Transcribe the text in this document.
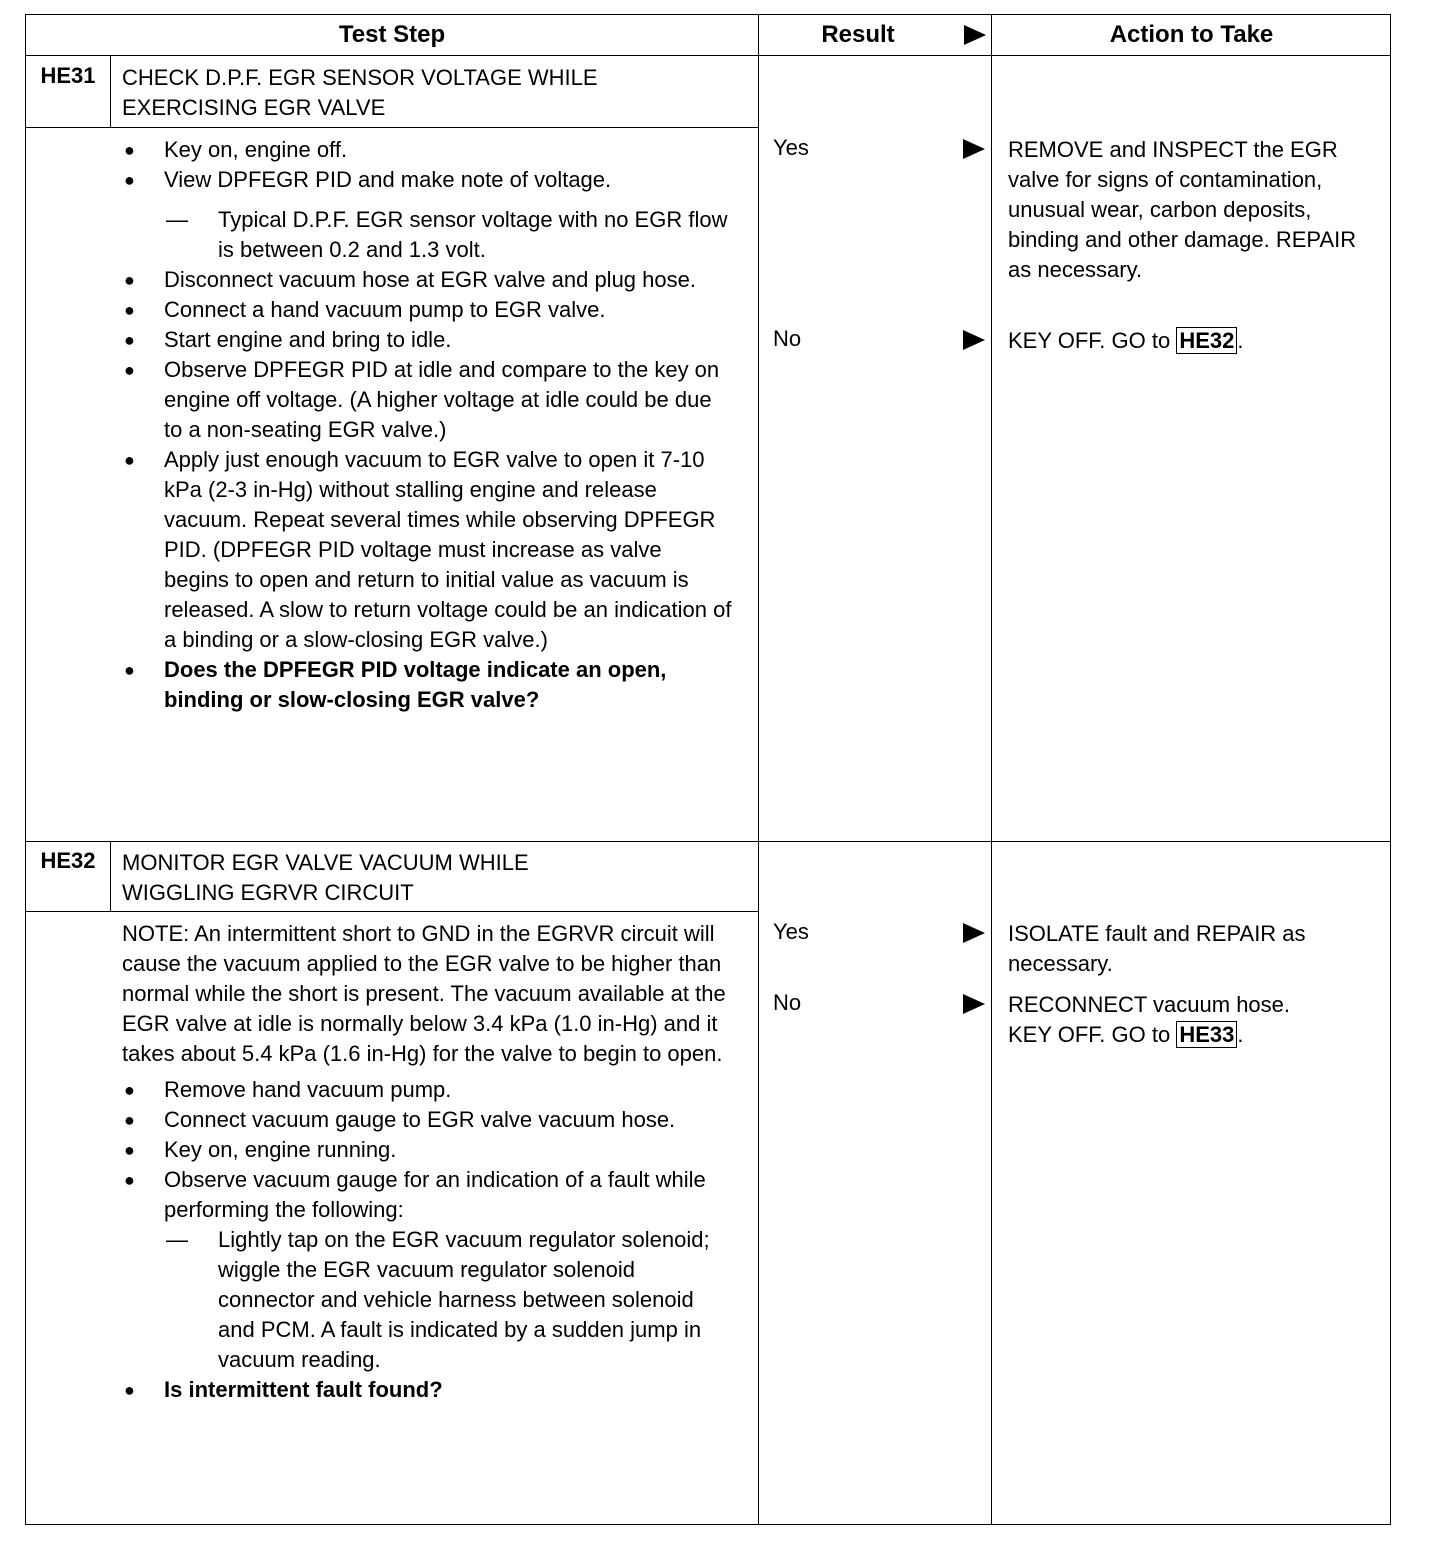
Test Step	Result	Action to Take
HE31	CHECK D.P.F. EGR SENSOR VOLTAGE WHILE
EXERCISING EGR VALVE
● Key on, engine off.
● View DPFEGR PID and make note of voltage.
— Typical D.P.F. EGR sensor voltage with no EGR flow is between 0.2 and 1.3 volt.
● Disconnect vacuum hose at EGR valve and plug hose.
● Connect a hand vacuum pump to EGR valve.
● Start engine and bring to idle.
● Observe DPFEGR PID at idle and compare to the key on engine off voltage. (A higher voltage at idle could be due to a non-seating EGR valve.)
● Apply just enough vacuum to EGR valve to open it 7-10 kPa (2-3 in-Hg) without stalling engine and release vacuum. Repeat several times while observing DPFEGR PID. (DPFEGR PID voltage must increase as valve begins to open and return to initial value as vacuum is released. A slow to return voltage could be an indication of a binding or a slow-closing EGR valve.)
● Does the DPFEGR PID voltage indicate an open, binding or slow-closing EGR valve?
Yes	REMOVE and INSPECT the EGR valve for signs of contamination, unusual wear, carbon deposits, binding and other damage. REPAIR as necessary.
No	KEY OFF. GO to HE32 .
HE32	MONITOR EGR VALVE VACUUM WHILE
WIGGLING EGRVR CIRCUIT
NOTE: An intermittent short to GND in the EGRVR circuit will cause the vacuum applied to the EGR valve to be higher than normal while the short is present. The vacuum available at the EGR valve at idle is normally below 3.4 kPa (1.0 in-Hg) and it takes about 5.4 kPa (1.6 in-Hg) for the valve to begin to open.
● Remove hand vacuum pump.
● Connect vacuum gauge to EGR valve vacuum hose.
● Key on, engine running.
● Observe vacuum gauge for an indication of a fault while performing the following:
— Lightly tap on the EGR vacuum regulator solenoid; wiggle the EGR vacuum regulator solenoid connector and vehicle harness between solenoid and PCM. A fault is indicated by a sudden jump in vacuum reading.
● Is intermittent fault found?
Yes	ISOLATE fault and REPAIR as necessary.
No	RECONNECT vacuum hose.
KEY OFF. GO to HE33 .
